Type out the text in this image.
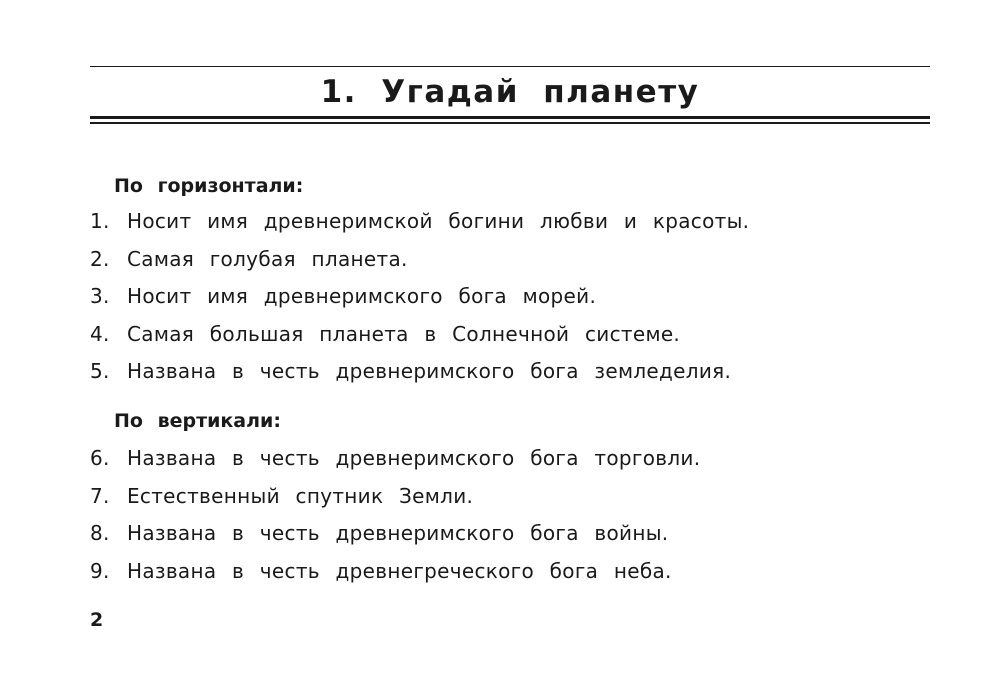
1. Угадай планету
По горизонтали:
1. Носит имя древнеримской богини любви и красоты.
2. Самая голубая планета.
3. Носит имя древнеримского бога морей.
4. Самая большая планета в Солнечной системе.
5. Названа в честь древнеримского бога земледелия.
По вертикали:
6. Названа в честь древнеримского бога торговли.
7. Естественный спутник Земли.
8. Названа в честь древнеримского бога войны.
9. Названа в честь древнегреческого бога неба.

2
